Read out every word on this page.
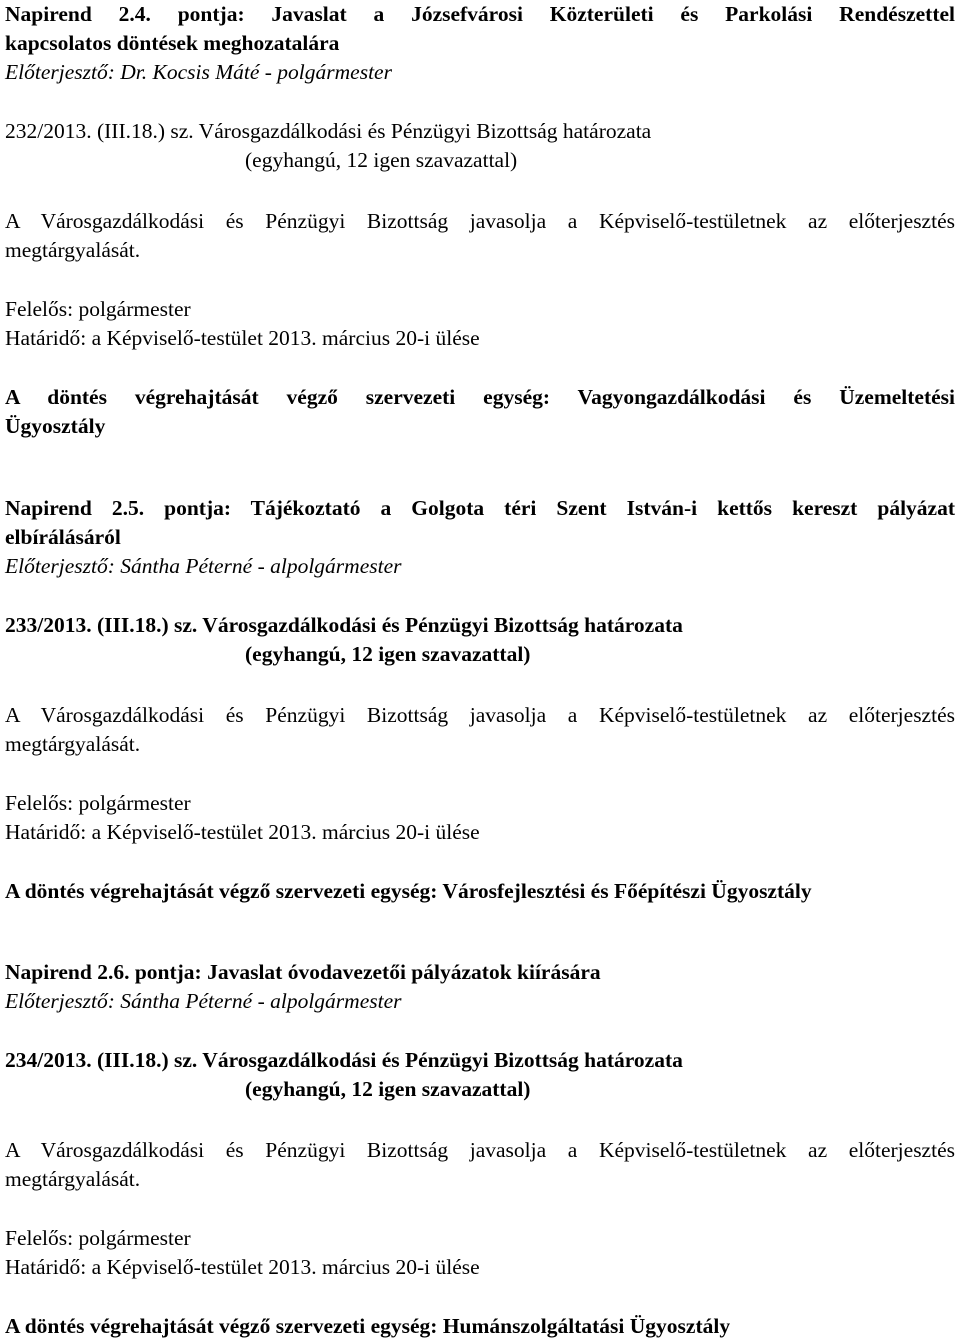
Napirend 2.4. pontja: Javaslat a Józsefvárosi Közterületi és Parkolási Rendészettel
kapcsolatos döntések meghozatalára
Előterjesztő: Dr. Kocsis Máté - polgármester
232/2013. (III.18.) sz. Városgazdálkodási és Pénzügyi Bizottság határozata
(egyhangú, 12 igen szavazattal)
A Városgazdálkodási és Pénzügyi Bizottság javasolja a Képviselő-testületnek az előterjesztés
megtárgyalását.
Felelős: polgármester
Határidő: a Képviselő-testület 2013. március 20-i ülése
A döntés végrehajtását végző szervezeti egység: Vagyongazdálkodási és Üzemeltetési
Ügyosztály
Napirend 2.5. pontja: Tájékoztató a Golgota téri Szent István-i kettős kereszt pályázat
elbírálásáról
Előterjesztő: Sántha Péterné - alpolgármester
233/2013. (III.18.) sz. Városgazdálkodási és Pénzügyi Bizottság határozata
(egyhangú, 12 igen szavazattal)
A Városgazdálkodási és Pénzügyi Bizottság javasolja a Képviselő-testületnek az előterjesztés
megtárgyalását.
Felelős: polgármester
Határidő: a Képviselő-testület 2013. március 20-i ülése
A döntés végrehajtását végző szervezeti egység: Városfejlesztési és Főépítészi Ügyosztály
Napirend 2.6. pontja: Javaslat óvodavezetői pályázatok kiírására
Előterjesztő: Sántha Péterné - alpolgármester
234/2013. (III.18.) sz. Városgazdálkodási és Pénzügyi Bizottság határozata
(egyhangú, 12 igen szavazattal)
A Városgazdálkodási és Pénzügyi Bizottság javasolja a Képviselő-testületnek az előterjesztés
megtárgyalását.
Felelős: polgármester
Határidő: a Képviselő-testület 2013. március 20-i ülése
A döntés végrehajtását végző szervezeti egység: Humánszolgáltatási Ügyosztály
